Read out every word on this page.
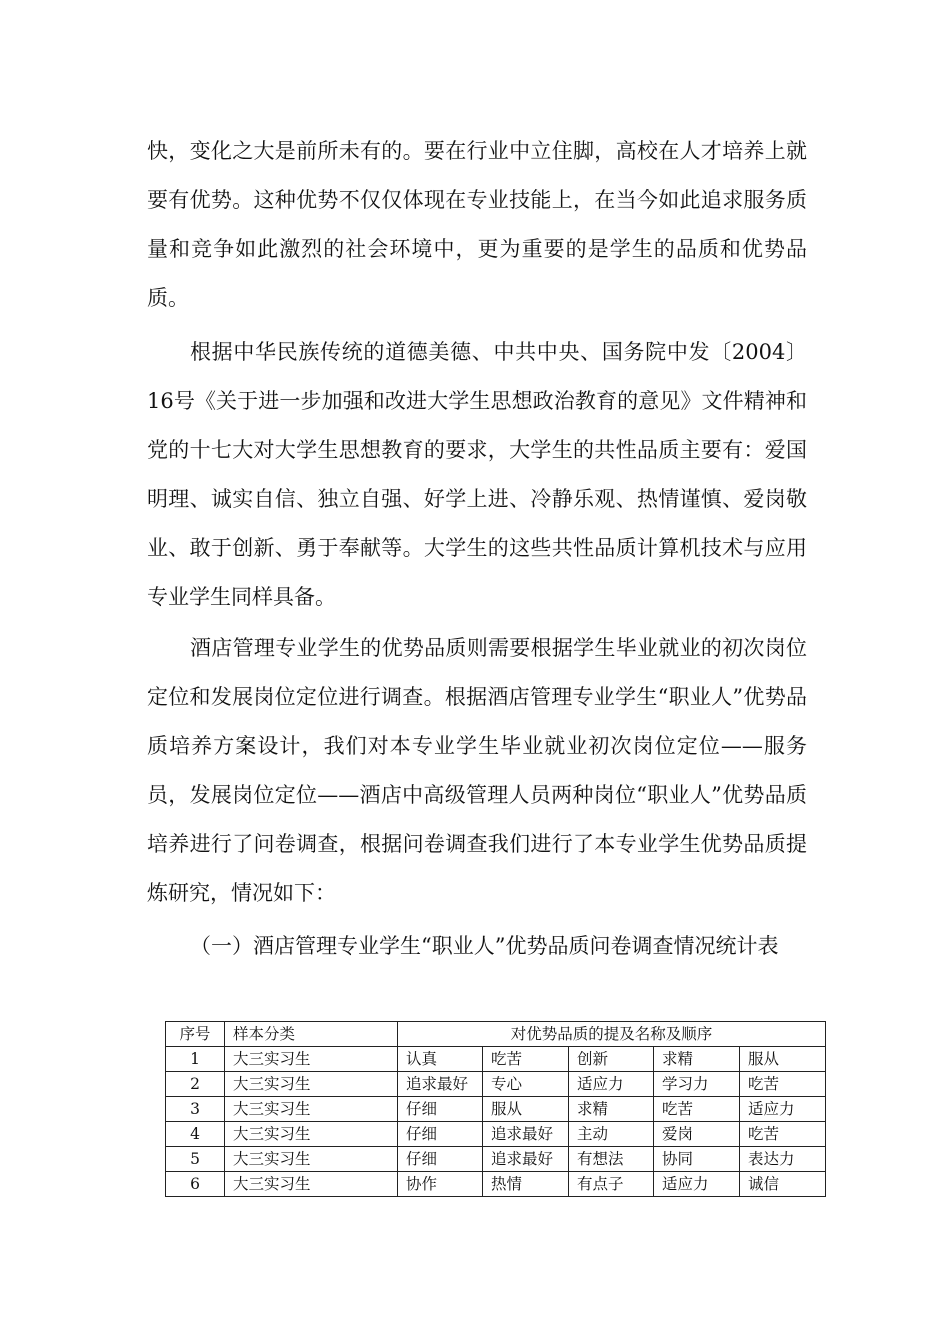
快，变化之大是前所未有的。要在行业中立住脚，高校在人才培养上就要有优势。这种优势不仅仅体现在专业技能上，在当今如此追求服务质量和竞争如此激烈的社会环境中，更为重要的是学生的品质和优势品质。

根据中华民族传统的道德美德、中共中央、国务院中发〔2004〕16号《关于进一步加强和改进大学生思想政治教育的意见》文件精神和党的十七大对大学生思想教育的要求，大学生的共性品质主要有：爱国明理、诚实自信、独立自强、好学上进、冷静乐观、热情谨慎、爱岗敬业、敢于创新、勇于奉献等。大学生的这些共性品质计算机技术与应用专业学生同样具备。

酒店管理专业学生的优势品质则需要根据学生毕业就业的初次岗位定位和发展岗位定位进行调查。根据酒店管理专业学生“职业人”优势品质培养方案设计，我们对本专业学生毕业就业初次岗位定位——服务员，发展岗位定位——酒店中高级管理人员两种岗位“职业人”优势品质培养进行了问卷调查，根据问卷调查我们进行了本专业学生优势品质提炼研究，情况如下：

（一）酒店管理专业学生“职业人”优势品质问卷调查情况统计表

序号	样本分类	对优势品质的提及名称及顺序				
1	大三实习生	认真	吃苦	创新	求精	服从
2	大三实习生	追求最好	专心	适应力	学习力	吃苦
3	大三实习生	仔细	服从	求精	吃苦	适应力
4	大三实习生	仔细	追求最好	主动	爱岗	吃苦
5	大三实习生	仔细	追求最好	有想法	协同	表达力
6	大三实习生	协作	热情	有点子	适应力	诚信
